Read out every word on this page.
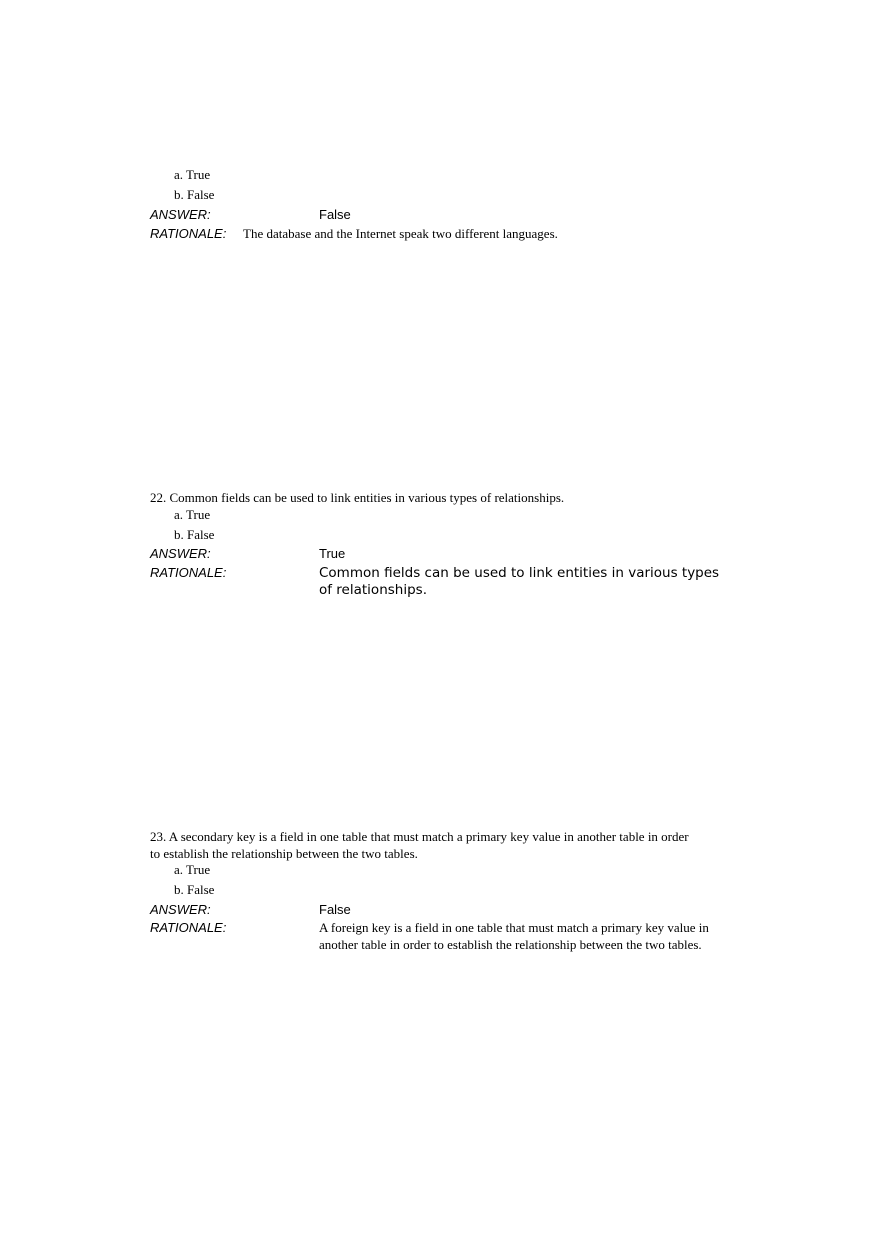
a. True
b. False
ANSWER:	False
RATIONALE: The database and the Internet speak two different languages.
22. Common fields can be used to link entities in various types of relationships.
a. True
b. False
ANSWER:	True
RATIONALE:	Common fields can be used to link entities in various types
of relationships.
23. A secondary key is a field in one table that must match a primary key value in another table in order
to establish the relationship between the two tables.
a. True
b. False
ANSWER:	False
RATIONALE:	A foreign key is a field in one table that must match a primary key value in
another table in order to establish the relationship between the two tables.
